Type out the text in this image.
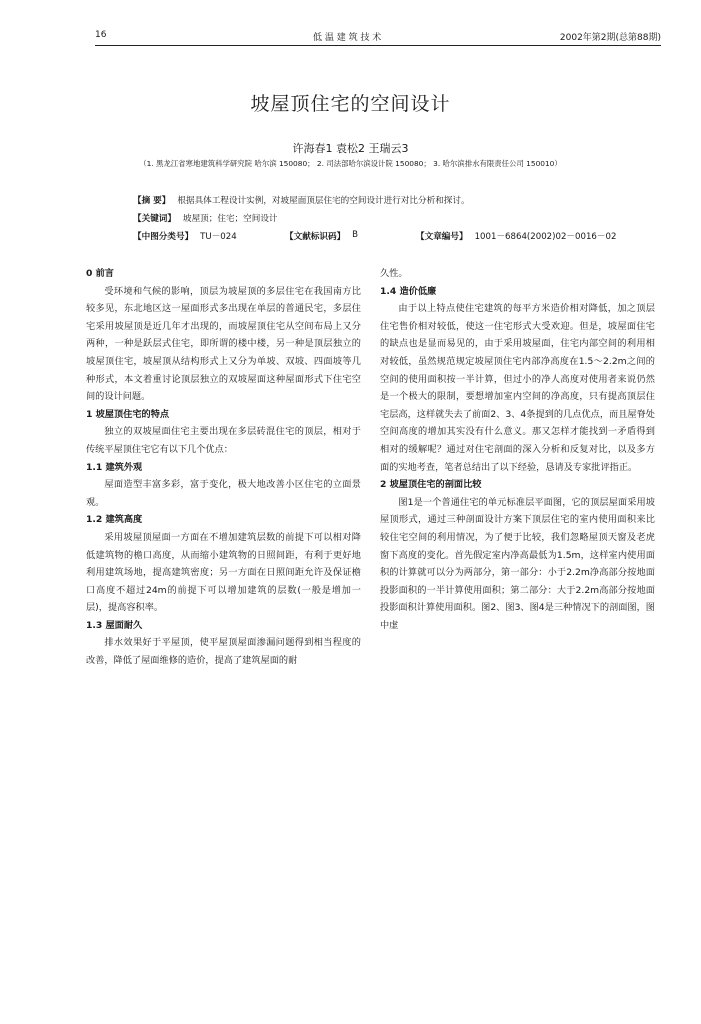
16	低 温 建 筑 技 术	2002年第2期(总第88期)
坡屋顶住宅的空间设计
许海春1 袁松2 王瑞云3
（1. 黑龙江省寒地建筑科学研究院 哈尔滨 150080； 2. 司法部哈尔滨设计院 150080； 3. 哈尔滨排水有限责任公司 150010）
【摘 要】 根据具体工程设计实例，对坡屋面顶层住宅的空间设计进行对比分析和探讨。
【关键词】 坡屋顶；住宅；空间设计
【中图分类号】 TU－024	【文献标识码】 B	【文章编号】 1001－6864(2002)02－0016－02
0 前言

受环境和气候的影响，顶层为坡屋顶的多层住宅在我国南方比较多见，东北地区这一屋面形式多出现在单层的普通民宅，多层住宅采用坡屋顶是近几年才出现的，而坡屋顶住宅从空间布局上又分两种，一种是跃层式住宅，即所谓的楼中楼，另一种是顶层独立的坡屋顶住宅，坡屋顶从结构形式上又分为单坡、双坡、四面坡等几种形式，本文着重讨论顶层独立的双坡屋面这种屋面形式下住宅空间的设计问题。

1 坡屋顶住宅的特点

独立的双坡屋面住宅主要出现在多层砖混住宅的顶层，相对于传统平屋顶住宅它有以下几个优点：

1.1 建筑外观

屋面造型丰富多彩，富于变化，极大地改善小区住宅的立面景观。

1.2 建筑高度

采用坡屋顶屋面一方面在不增加建筑层数的前提下可以相对降低建筑物的檐口高度，从而缩小建筑物的日照间距，有利于更好地利用建筑场地，提高建筑密度；另一方面在日照间距允许及保证檐口高度不超过24m的前提下可以增加建筑的层数(一般是增加一层)，提高容积率。

1.3 屋面耐久

排水效果好于平屋顶，使平屋顶屋面渗漏问题得到相当程度的改善，降低了屋面维修的造价，提高了建筑屋面的耐

久性。

1.4 造价低廉

由于以上特点使住宅建筑的每平方米造价相对降低，加之顶层住宅售价相对较低，使这一住宅形式大受欢迎。但是，坡屋面住宅的缺点也是显而易见的，由于采用坡屋面，住宅内部空间的利用相对较低，虽然规范规定坡屋顶住宅内部净高度在1.5～2.2m之间的空间的使用面积按一半计算，但过小的净人高度对使用者来说仍然是一个极大的限制，要想增加室内空间的净高度，只有提高顶层住宅层高，这样就失去了前面2、3、4条提到的几点优点，而且屋脊处空间高度的增加其实没有什么意义。那又怎样才能找到一矛盾得到相对的缓解呢？通过对住宅剖面的深入分析和反复对比，以及多方面的实地考查，笔者总结出了以下经验，恳请及专家批评指正。

2 坡屋顶住宅的剖面比较

图1是一个普通住宅的单元标准层平面图，它的顶层屋面采用坡屋顶形式，通过三种剖面设计方案下顶层住宅的室内使用面积来比较住宅空间的利用情况，为了便于比较，我们忽略屋顶天窗及老虎窗下高度的变化。首先假定室内净高最低为1.5m，这样室内使用面积的计算就可以分为两部分，第一部分：小于2.2m净高部分按地面投影面积的一半计算使用面积；第二部分：大于2.2m高部分按地面投影面积计算使用面积。图2、图3、图4是三种情况下的剖面图，图中虚
